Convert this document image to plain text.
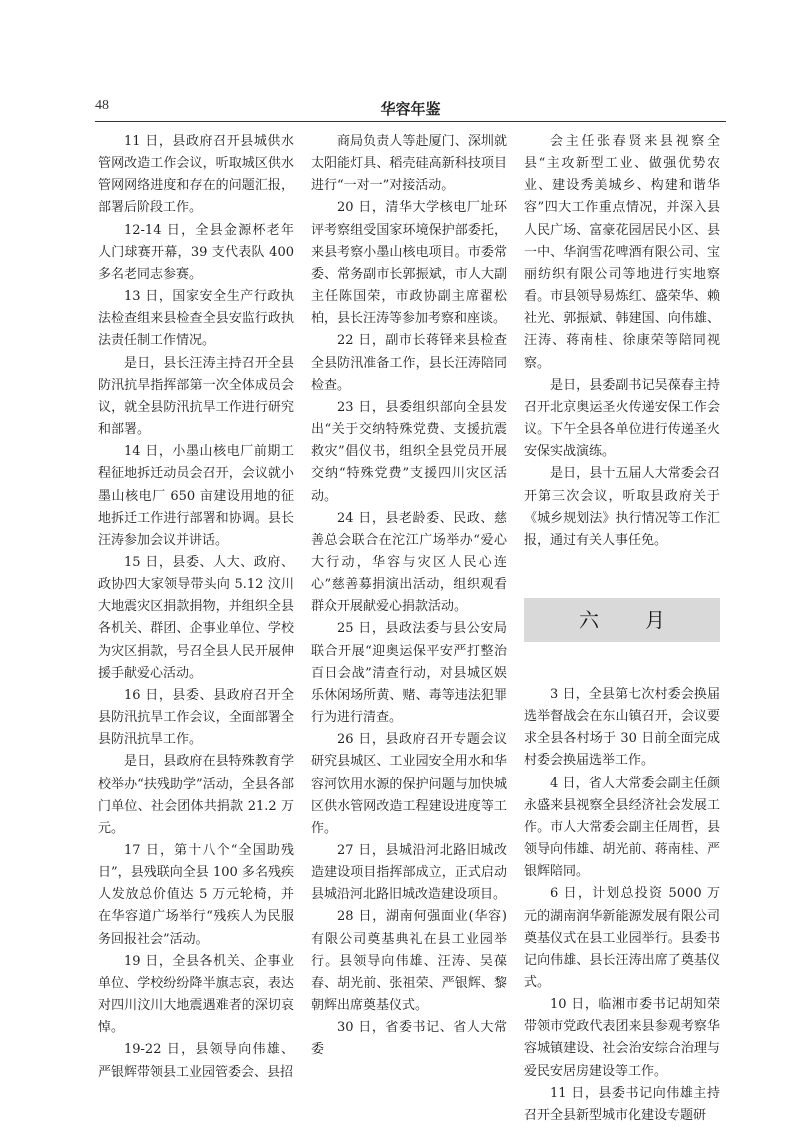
48	华容年鉴

11 日，县政府召开县城供水管网改造工作会议，听取城区供水管网网络进度和存在的问题汇报，部署后阶段工作。

12-14 日，全县金源杯老年人门球赛开幕，39 支代表队 400 多名老同志参赛。

13 日，国家安全生产行政执法检查组来县检查全县安监行政执法责任制工作情况。

是日，县长汪涛主持召开全县防汛抗旱指挥部第一次全体成员会议，就全县防汛抗旱工作进行研究和部署。

14 日，小墨山核电厂前期工程征地拆迁动员会召开，会议就小墨山核电厂 650 亩建设用地的征地拆迁工作进行部署和协调。县长汪涛参加会议并讲话。

15 日，县委、人大、政府、政协四大家领导带头向 5.12 汶川大地震灾区捐款捐物，并组织全县各机关、群团、企事业单位、学校为灾区捐款，号召全县人民开展伸援手献爱心活动。

16 日，县委、县政府召开全县防汛抗旱工作会议，全面部署全县防汛抗旱工作。

是日，县政府在县特殊教育学校举办“扶残助学”活动，全县各部门单位、社会团体共捐款 21.2 万元。

17 日，第十八个“全国助残日”，县残联向全县 100 多名残疾人发放总价值达 5 万元轮椅，并在华容道广场举行“残疾人为民服务回报社会”活动。

19 日，全县各机关、企事业单位、学校纷纷降半旗志哀，表达对四川汶川大地震遇难者的深切哀悼。

19-22 日，县领导向伟雄、严银辉带领县工业园管委会、县招

商局负责人等赴厦门、深圳就太阳能灯具、稻壳硅高新科技项目进行“一对一”对接活动。

20 日，清华大学核电厂址环评考察组受国家环境保护部委托，来县考察小墨山核电项目。市委常委、常务副市长郭振斌，市人大副主任陈国荣，市政协副主席翟松柏，县长汪涛等参加考察和座谈。

22 日，副市长蒋铎来县检查全县防汛准备工作，县长汪涛陪同检查。

23 日，县委组织部向全县发出“关于交纳特殊党费、支援抗震救灾”倡仪书，组织全县党员开展交纳“特殊党费”支援四川灾区活动。

24 日，县老龄委、民政、慈善总会联合在沱江广场举办“爱心大行动，华容与灾区人民心连心”慈善募捐演出活动，组织观看群众开展献爱心捐款活动。

25 日，县政法委与县公安局联合开展“迎奥运保平安严打整治百日会战”清查行动，对县城区娱乐休闲场所黄、赌、毒等违法犯罪行为进行清查。

26 日，县政府召开专题会议研究县城区、工业园安全用水和华容河饮用水源的保护问题与加快城区供水管网改造工程建设进度等工作。

27 日，县城沿河北路旧城改造建设项目指挥部成立，正式启动县城沿河北路旧城改造建设项目。

28 日，湖南何强面业(华容)有限公司奠基典礼在县工业园举行。县领导向伟雄、汪涛、吴葆春、胡光前、张祖荣、严银辉、黎朝辉出席奠基仪式。

30 日，省委书记、省人大常委

会主任张春贤来县视察全县“主攻新型工业、做强优势农业、建设秀美城乡、构建和谐华容”四大工作重点情况，并深入县人民广场、富豪花园居民小区、县一中、华润雪花啤酒有限公司、宝丽纺织有限公司等地进行实地察看。市县领导易炼红、盛荣华、赖社光、郭振斌、韩建国、向伟雄、汪涛、蒋南桂、徐康荣等陪同视察。

是日，县委副书记吴葆春主持召开北京奥运圣火传递安保工作会议。下午全县各单位进行传递圣火安保实战演练。

是日，县十五届人大常委会召开第三次会议，听取县政府关于《城乡规划法》执行情况等工作汇报，通过有关人事任免。

六月

3 日，全县第七次村委会换届选举督战会在东山镇召开，会议要求全县各村场于 30 日前全面完成村委会换届选举工作。

4 日，省人大常委会副主任颜永盛来县视察全县经济社会发展工作。市人大常委会副主任周哲，县领导向伟雄、胡光前、蒋南桂、严银辉陪同。

6 日，计划总投资 5000 万元的湖南润华新能源发展有限公司奠基仪式在县工业园举行。县委书记向伟雄、县长汪涛出席了奠基仪式。

10 日，临湘市委书记胡知荣带领市党政代表团来县参观考察华容城镇建设、社会治安综合治理与爱民安居房建设等工作。

11 日，县委书记向伟雄主持召开全县新型城市化建设专题研
